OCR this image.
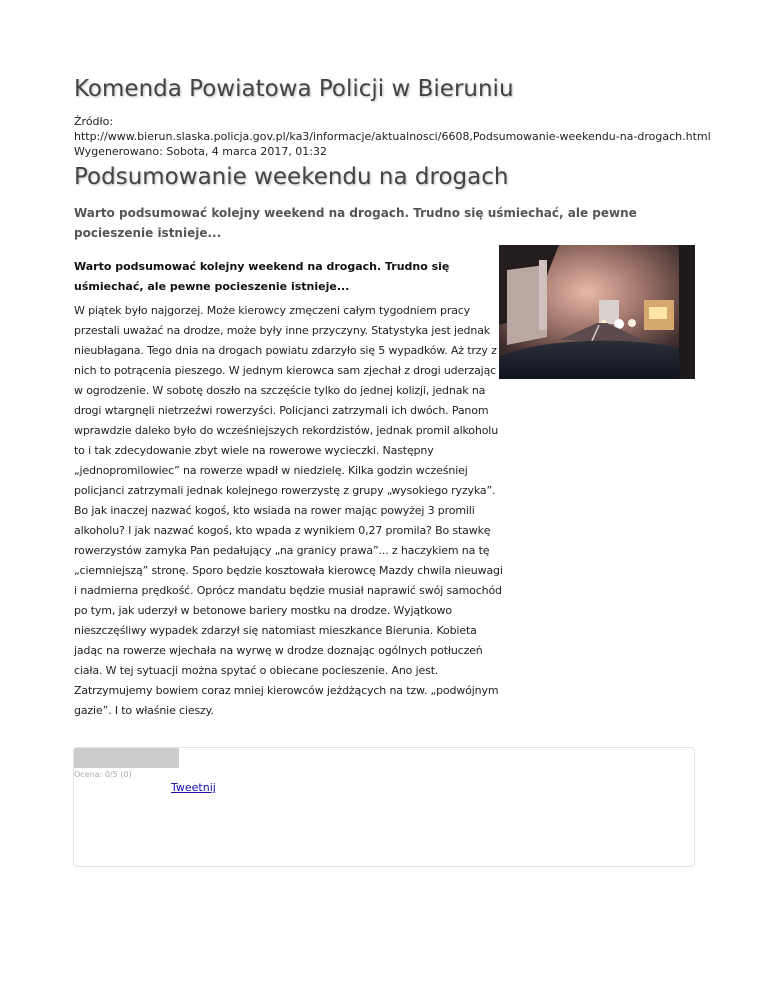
Komenda Powiatowa Policji w Bieruniu
Źródło:
http://www.bierun.slaska.policja.gov.pl/ka3/informacje/aktualnosci/6608,Podsumowanie-weekendu-na-drogach.html
Wygenerowano: Sobota, 4 marca 2017, 01:32
Podsumowanie weekendu na drogach

Warto podsumować kolejny weekend na drogach. Trudno się uśmiechać, ale pewne pocieszenie istnieje...

Warto podsumować kolejny weekend na drogach. Trudno się uśmiechać, ale pewne pocieszenie istnieje...

W piątek było najgorzej. Może kierowcy zmęczeni całym tygodniem pracy przestali uważać na drodze, może były inne przyczyny. Statystyka jest jednak nieubłagana. Tego dnia na drogach powiatu zdarzyło się 5 wypadków. Aż trzy z nich to potrącenia pieszego. W jednym kierowca sam zjechał z drogi uderzając w ogrodzenie. W sobotę doszło na szczęście tylko do jednej kolizji, jednak na drogi wtargnęli nietrzeźwi rowerzyści. Policjanci zatrzymali ich dwóch. Panom wprawdzie daleko było do wcześniejszych rekordzistów, jednak promil alkoholu to i tak zdecydowanie zbyt wiele na rowerowe wycieczki. Następny „jednopromilowiec” na rowerze wpadł w niedzielę. Kilka godzin wcześniej policjanci zatrzymali jednak kolejnego rowerzystę z grupy „wysokiego ryzyka”. Bo jak inaczej nazwać kogoś, kto wsiada na rower mając powyżej 3 promili alkoholu? I jak nazwać kogoś, kto wpada z wynikiem 0,27 promila? Bo stawkę rowerzystów zamyka Pan pedałujący „na granicy prawa”... z haczykiem na tę „ciemniejszą” stronę. Sporo będzie kosztowała kierowcę Mazdy chwila nieuwagi i nadmierna prędkość. Oprócz mandatu będzie musiał naprawić swój samochód po tym, jak uderzył w betonowe bariery mostku na drodze. Wyjątkowo nieszczęśliwy wypadek zdarzył się natomiast mieszkance Bierunia. Kobieta jadąc na rowerze wjechała na wyrwę w drodze doznając ogólnych potłuczeń ciała. W tej sytuacji można spytać o obiecane pocieszenie. Ano jest. Zatrzymujemy bowiem coraz mniej kierowców jeżdżących na tzw. „podwójnym gazie”. I to właśnie cieszy.

Ocena: 0/5 (0)
Tweetnij
